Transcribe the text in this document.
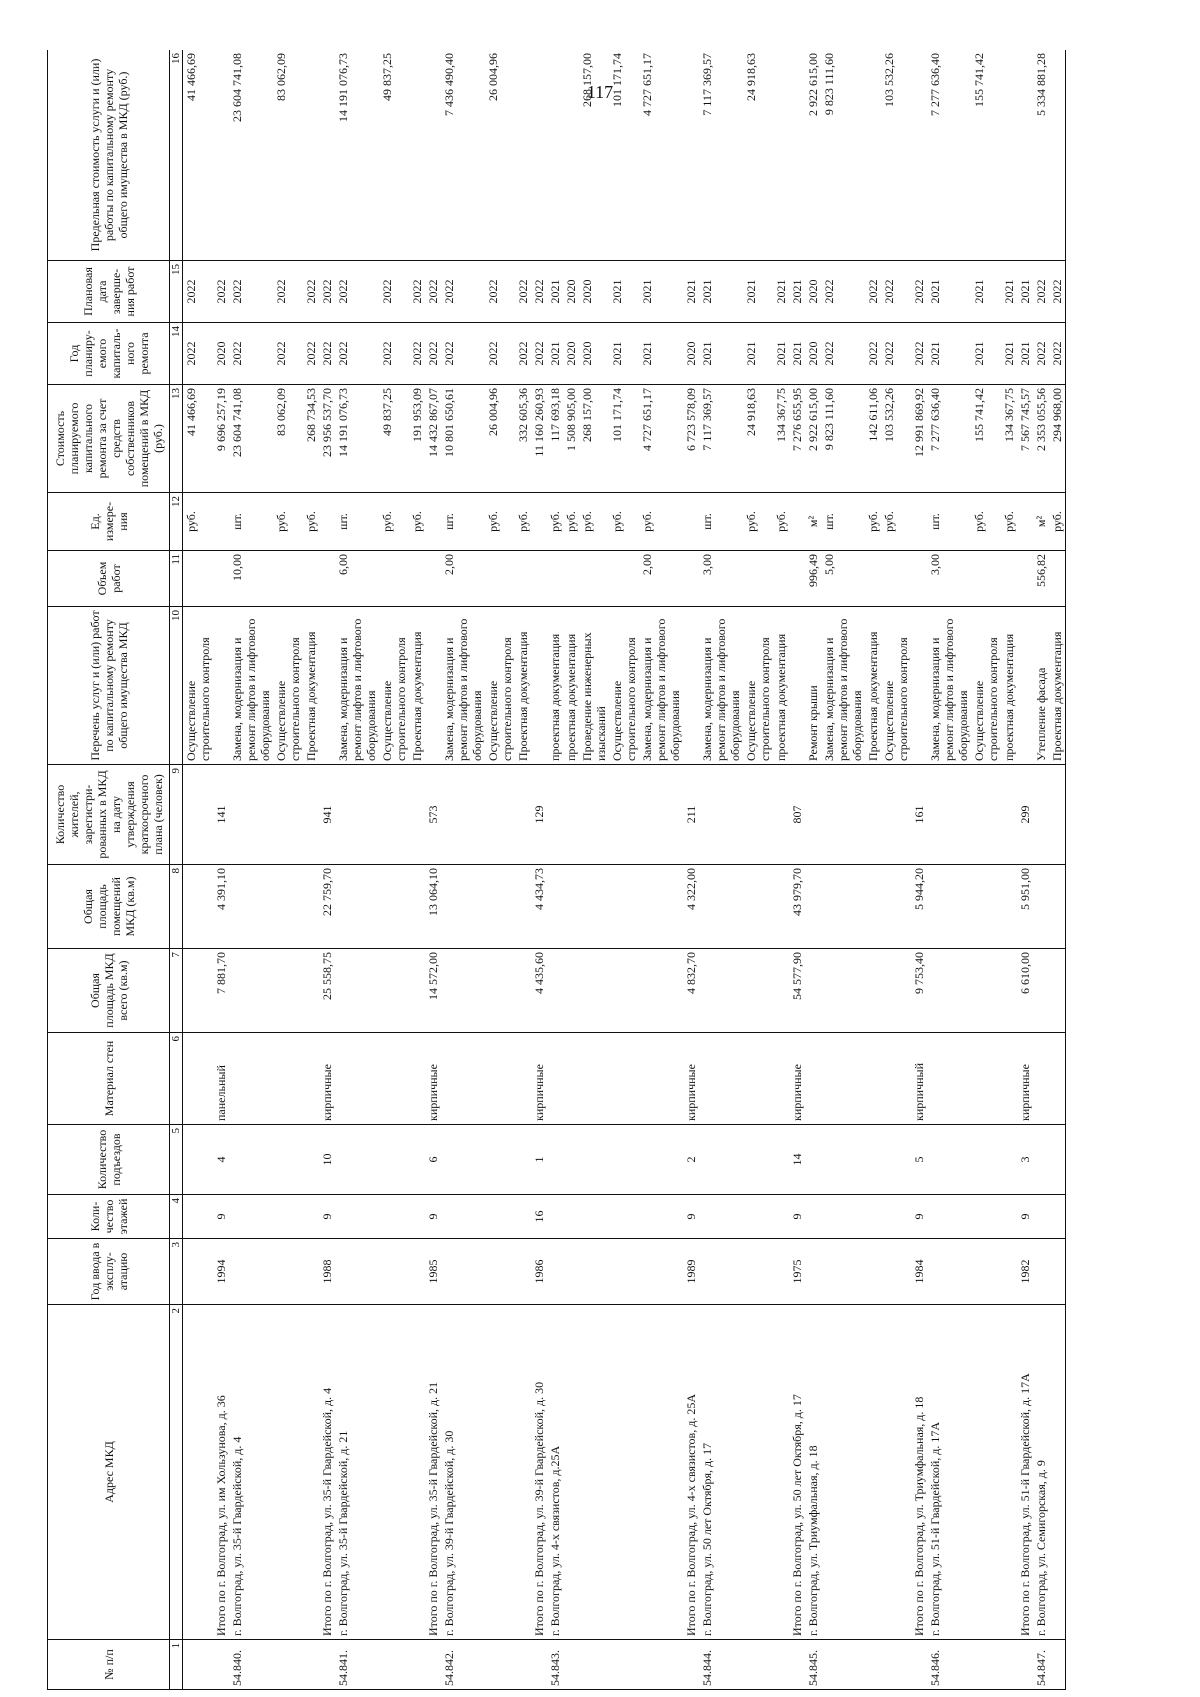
117
№ п/п	Адрес МКД	Год ввода в эксплу-атацию	Коли-чество этажей	Количество подъездов	Материал стен	Общая площадь МКД всего (кв.м)	Общая площадь помещений МКД (кв.м)	Количество жителей, зарегистри-рованных в МКД на дату утверждения краткосрочного плана (человек)	Перечень услуг и (или) работ по капитальному ремонту общего имущества МКД	Объем работ	Ед. измере-ния	Стоимость планируемого капитального ремонта за счет средств собственников помещений в МКД (руб.)	Год планиру-емого капиталь-ного ремонта	Плановая дата заверше-ния работ	Предельная стоимость услуги и (или) работы по капитальному ремонту общего имущества в МКД (руб.)
1	2	3	4	5	6	7	8	9	10	11	12	13	14	15	16
									Осуществление строительного контроля		руб.	41 466,69	2022	2022	41 466,69
	Итого по г. Волгоград, ул. им Хользунова, д. 36	1994	9	4	панельный	7 881,70	4 391,10	141				9 696 257,19	2020	2022	
54.840.	г. Волгоград, ул. 35-й Гвардейской, д. 4								Замена, модернизация и ремонт лифтов и лифтового оборудования	10,00	шт.	23 604 741,08	2022	2022	23 604 741,08
									Осуществление строительного контроля		руб.	83 062,09	2022	2022	83 062,09
									Проектная документация		руб.	268 734,53	2022	2022	
	Итого по г. Волгоград, ул. 35-й Гвардейской, д. 4	1988	9	10	кирпичные	25 558,75	22 759,70	941				23 956 537,70	2022	2022	
54.841.	г. Волгоград, ул. 35-й Гвардейской, д. 21								Замена, модернизация и ремонт лифтов и лифтового оборудования	6,00	шт.	14 191 076,73	2022	2022	14 191 076,73
									Осуществление строительного контроля		руб.	49 837,25	2022	2022	49 837,25
									Проектная документация		руб.	191 953,09	2022	2022	
	Итого по г. Волгоград, ул. 35-й Гвардейской, д. 21	1985	9	6	кирпичные	14 572,00	13 064,10	573				14 432 867,07	2022	2022	
54.842.	г. Волгоград, ул. 39-й Гвардейской, д. 30								Замена, модернизация и ремонт лифтов и лифтового оборудования	2,00	шт.	10 801 650,61	2022	2022	7 436 490,40
									Осуществление строительного контроля		руб.	26 004,96	2022	2022	26 004,96
									Проектная документация		руб.	332 605,36	2022	2022	
	Итого по г. Волгоград, ул. 39-й Гвардейской, д. 30	1986	16	1	кирпичные	4 435,60	4 434,73	129				11 160 260,93	2022	2022	
54.843.	г. Волгоград, ул. 4-х связистов, д.25А								проектная документация		руб.	117 693,18	2021	2021	
									проектная документация		руб.	1 508 905,00	2020	2020	
									Проведение инженерных изысканий		руб.	268 157,00	2020	2020	268 157,00
									Осуществление строительного контроля		руб.	101 171,74	2021	2021	101 171,74
									Замена, модернизация и ремонт лифтов и лифтового оборудования	2,00	руб.	4 727 651,17	2021	2021	4 727 651,17
	Итого по г. Волгоград, ул. 4-х связистов, д. 25А	1989	9	2	кирпичные	4 832,70	4 322,00	211				6 723 578,09	2020	2021	
54.844.	г. Волгоград, ул. 50 лет Октября, д. 17								Замена, модернизация и ремонт лифтов и лифтового оборудования	3,00	шт.	7 117 369,57	2021	2021	7 117 369,57
									Осуществление строительного контроля		руб.	24 918,63	2021	2021	24 918,63
									проектная документация		руб.	134 367,75	2021	2021	
	Итого по г. Волгоград, ул. 50 лет Октября, д. 17	1975	9	14	кирпичные	54 577,90	43 979,70	807				7 276 655,95	2021	2021	
54.845.	г. Волгоград, ул. Триумфальная, д. 18								Ремонт крыши	996,49	м²	2 922 615,00	2020	2020	2 922 615,00
									Замена, модернизация и ремонт лифтов и лифтового оборудования	5,00	шт.	9 823 111,60	2022	2022	9 823 111,60
									Проектная документация		руб.	142 611,06	2022	2022	
									Осуществление строительного контроля		руб.	103 532,26	2022	2022	103 532,26
	Итого по г. Волгоград, ул. Триумфальная, д. 18	1984	9	5	кирпичный	9 753,40	5 944,20	161				12 991 869,92	2022	2022	
54.846.	г. Волгоград, ул. 51-й Гвардейской, д. 17А								Замена, модернизация и ремонт лифтов и лифтового оборудования	3,00	шт.	7 277 636,40	2021	2021	7 277 636,40
									Осуществление строительного контроля		руб.	155 741,42	2021	2021	155 741,42
									проектная документация		руб.	134 367,75	2021	2021	
	Итого по г. Волгоград, ул. 51-й Гвардейской, д. 17А	1982	9	3	кирпичные	6 610,00	5 951,00	299				7 567 745,57	2021	2021	
54.847.	г. Волгоград, ул. Семигорская, д. 9								Утепление фасада	556,82	м²	2 353 055,56	2022	2022	5 334 881,28
									Проектная документация		руб.	294 968,00	2022	2022	
